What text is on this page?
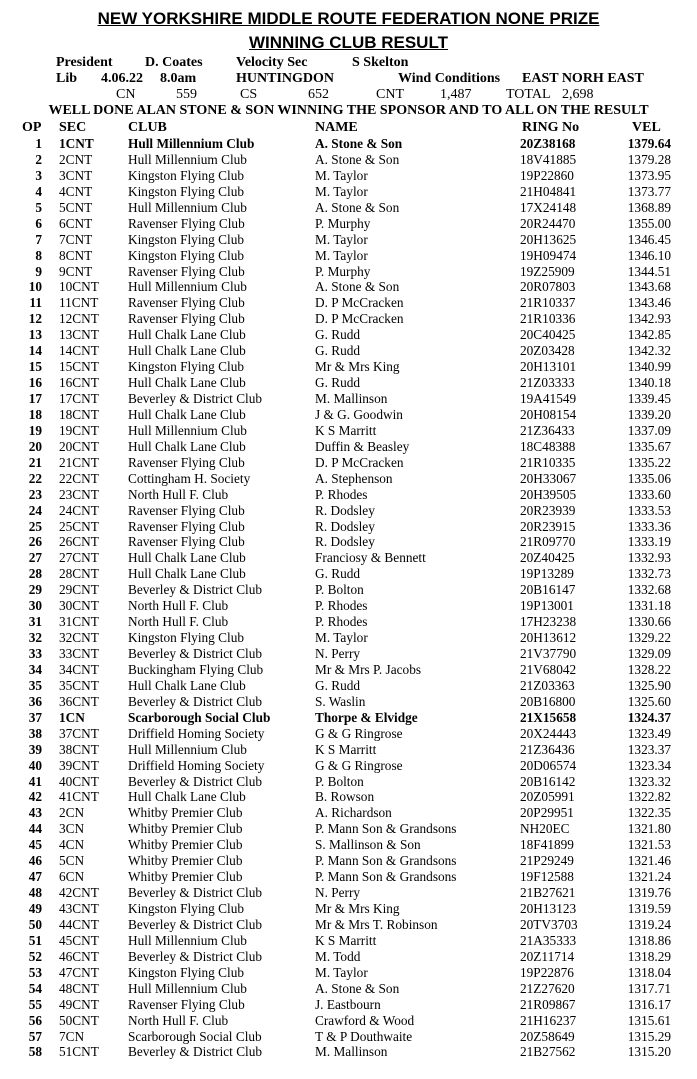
NEW YORKSHIRE MIDDLE ROUTE FEDERATION NONE PRIZE
WINNING CLUB RESULT
President D. Coates Velocity Sec	S Skelton
Lib 4.06.22 8.0am	HUNTINGDON	Wind Conditions EAST NORH EAST
CN	559	CS	652	CNT	1,487 TOTAL 2,698
WELL DONE ALAN STONE & SON WINNING THE SPONSOR AND TO ALL ON THE RESULT
OP SEC	CLUB	NAME	RING No	VEL
1 1CNT	Hull Millennium Club	A. Stone & Son	20Z38168	1379.64
2 2CNT	Hull Millennium Club	A. Stone & Son	18V41885	1379.28
3 3CNT	Kingston Flying Club	M. Taylor	19P22860	1373.95
4 4CNT	Kingston Flying Club	M. Taylor	21H04841	1373.77
5 5CNT	Hull Millennium Club	A. Stone & Son	17X24148	1368.89
6 6CNT	Ravenser Flying Club	P. Murphy	20R24470	1355.00
7 7CNT	Kingston Flying Club	M. Taylor	20H13625	1346.45
8 8CNT	Kingston Flying Club	M. Taylor	19H09474	1346.10
9 9CNT	Ravenser Flying Club	P. Murphy	19Z25909	1344.51
10 10CNT Hull Millennium Club	A. Stone & Son	20R07803	1343.68
11 11CNT Ravenser Flying Club	D. P McCracken	21R10337	1343.46
12 12CNT Ravenser Flying Club	D. P McCracken	21R10336	1342.93
13 13CNT Hull Chalk Lane Club	G. Rudd	20C40425	1342.85
14 14CNT Hull Chalk Lane Club	G. Rudd	20Z03428	1342.32
15 15CNT Kingston Flying Club	Mr & Mrs King	20H13101	1340.99
16 16CNT Hull Chalk Lane Club	G. Rudd	21Z03333	1340.18
17 17CNT Beverley & District Club	M. Mallinson	19A41549	1339.45
18 18CNT Hull Chalk Lane Club	J & G. Goodwin	20H08154	1339.20
19 19CNT Hull Millennium Club	K S Marritt	21Z36433	1337.09
20 20CNT Hull Chalk Lane Club	Duffin & Beasley	18C48388	1335.67
21 21CNT Ravenser Flying Club	D. P McCracken	21R10335	1335.22
22 22CNT Cottingham H. Society	A. Stephenson	20H33067	1335.06
23 23CNT North Hull F. Club	P. Rhodes	20H39505	1333.60
24 24CNT Ravenser Flying Club	R. Dodsley	20R23939	1333.53
25 25CNT Ravenser Flying Club	R. Dodsley	20R23915	1333.36
26 26CNT Ravenser Flying Club	R. Dodsley	21R09770	1333.19
27 27CNT Hull Chalk Lane Club	Franciosy & Bennett	20Z40425	1332.93
28 28CNT Hull Chalk Lane Club	G. Rudd	19P13289	1332.73
29 29CNT Beverley & District Club	P. Bolton	20B16147	1332.68
30 30CNT North Hull F. Club	P. Rhodes	19P13001	1331.18
31 31CNT North Hull F. Club	P. Rhodes	17H23238	1330.66
32 32CNT Kingston Flying Club	M. Taylor	20H13612	1329.22
33 33CNT Beverley & District Club	N. Perry	21V37790	1329.09
34 34CNT Buckingham Flying Club	Mr & Mrs P. Jacobs	21V68042	1328.22
35 35CNT Hull Chalk Lane Club	G. Rudd	21Z03363	1325.90
36 36CNT Beverley & District Club	S. Waslin	20B16800	1325.60
37 1CN	Scarborough Social Club	Thorpe & Elvidge	21X15658	1324.37
38 37CNT Driffield Homing Society	G & G Ringrose	20X24443	1323.49
39 38CNT Hull Millennium Club	K S Marritt	21Z36436	1323.37
40 39CNT Driffield Homing Society	G & G Ringrose	20D06574	1323.34
41 40CNT Beverley & District Club	P. Bolton	20B16142	1323.32
42 41CNT Hull Chalk Lane Club	B. Rowson	20Z05991	1322.82
43 2CN	Whitby Premier Club	A. Richardson	20P29951	1322.35
44 3CN	Whitby Premier Club	P. Mann Son & Grandsons	NH20EC	1321.80
45 4CN	Whitby Premier Club	S. Mallinson & Son	18F41899	1321.53
46 5CN	Whitby Premier Club	P. Mann Son & Grandsons	21P29249	1321.46
47 6CN	Whitby Premier Club	P. Mann Son & Grandsons	19F12588	1321.24
48 42CNT Beverley & District Club	N. Perry	21B27621	1319.76
49 43CNT Kingston Flying Club	Mr & Mrs King	20H13123	1319.59
50 44CNT Beverley & District Club	Mr & Mrs T. Robinson	20TV3703	1319.24
51 45CNT Hull Millennium Club	K S Marritt	21A35333	1318.86
52 46CNT Beverley & District Club	M. Todd	20Z11714	1318.29
53 47CNT Kingston Flying Club	M. Taylor	19P22876	1318.04
54 48CNT Hull Millennium Club	A. Stone & Son	21Z27620	1317.71
55 49CNT Ravenser Flying Club	J. Eastbourn	21R09867	1316.17
56 50CNT North Hull F. Club	Crawford & Wood	21H16237	1315.61
57 7CN	Scarborough Social Club	T & P Douthwaite	20Z58649	1315.29
58 51CNT Beverley & District Club	M. Mallinson	21B27562	1315.20
